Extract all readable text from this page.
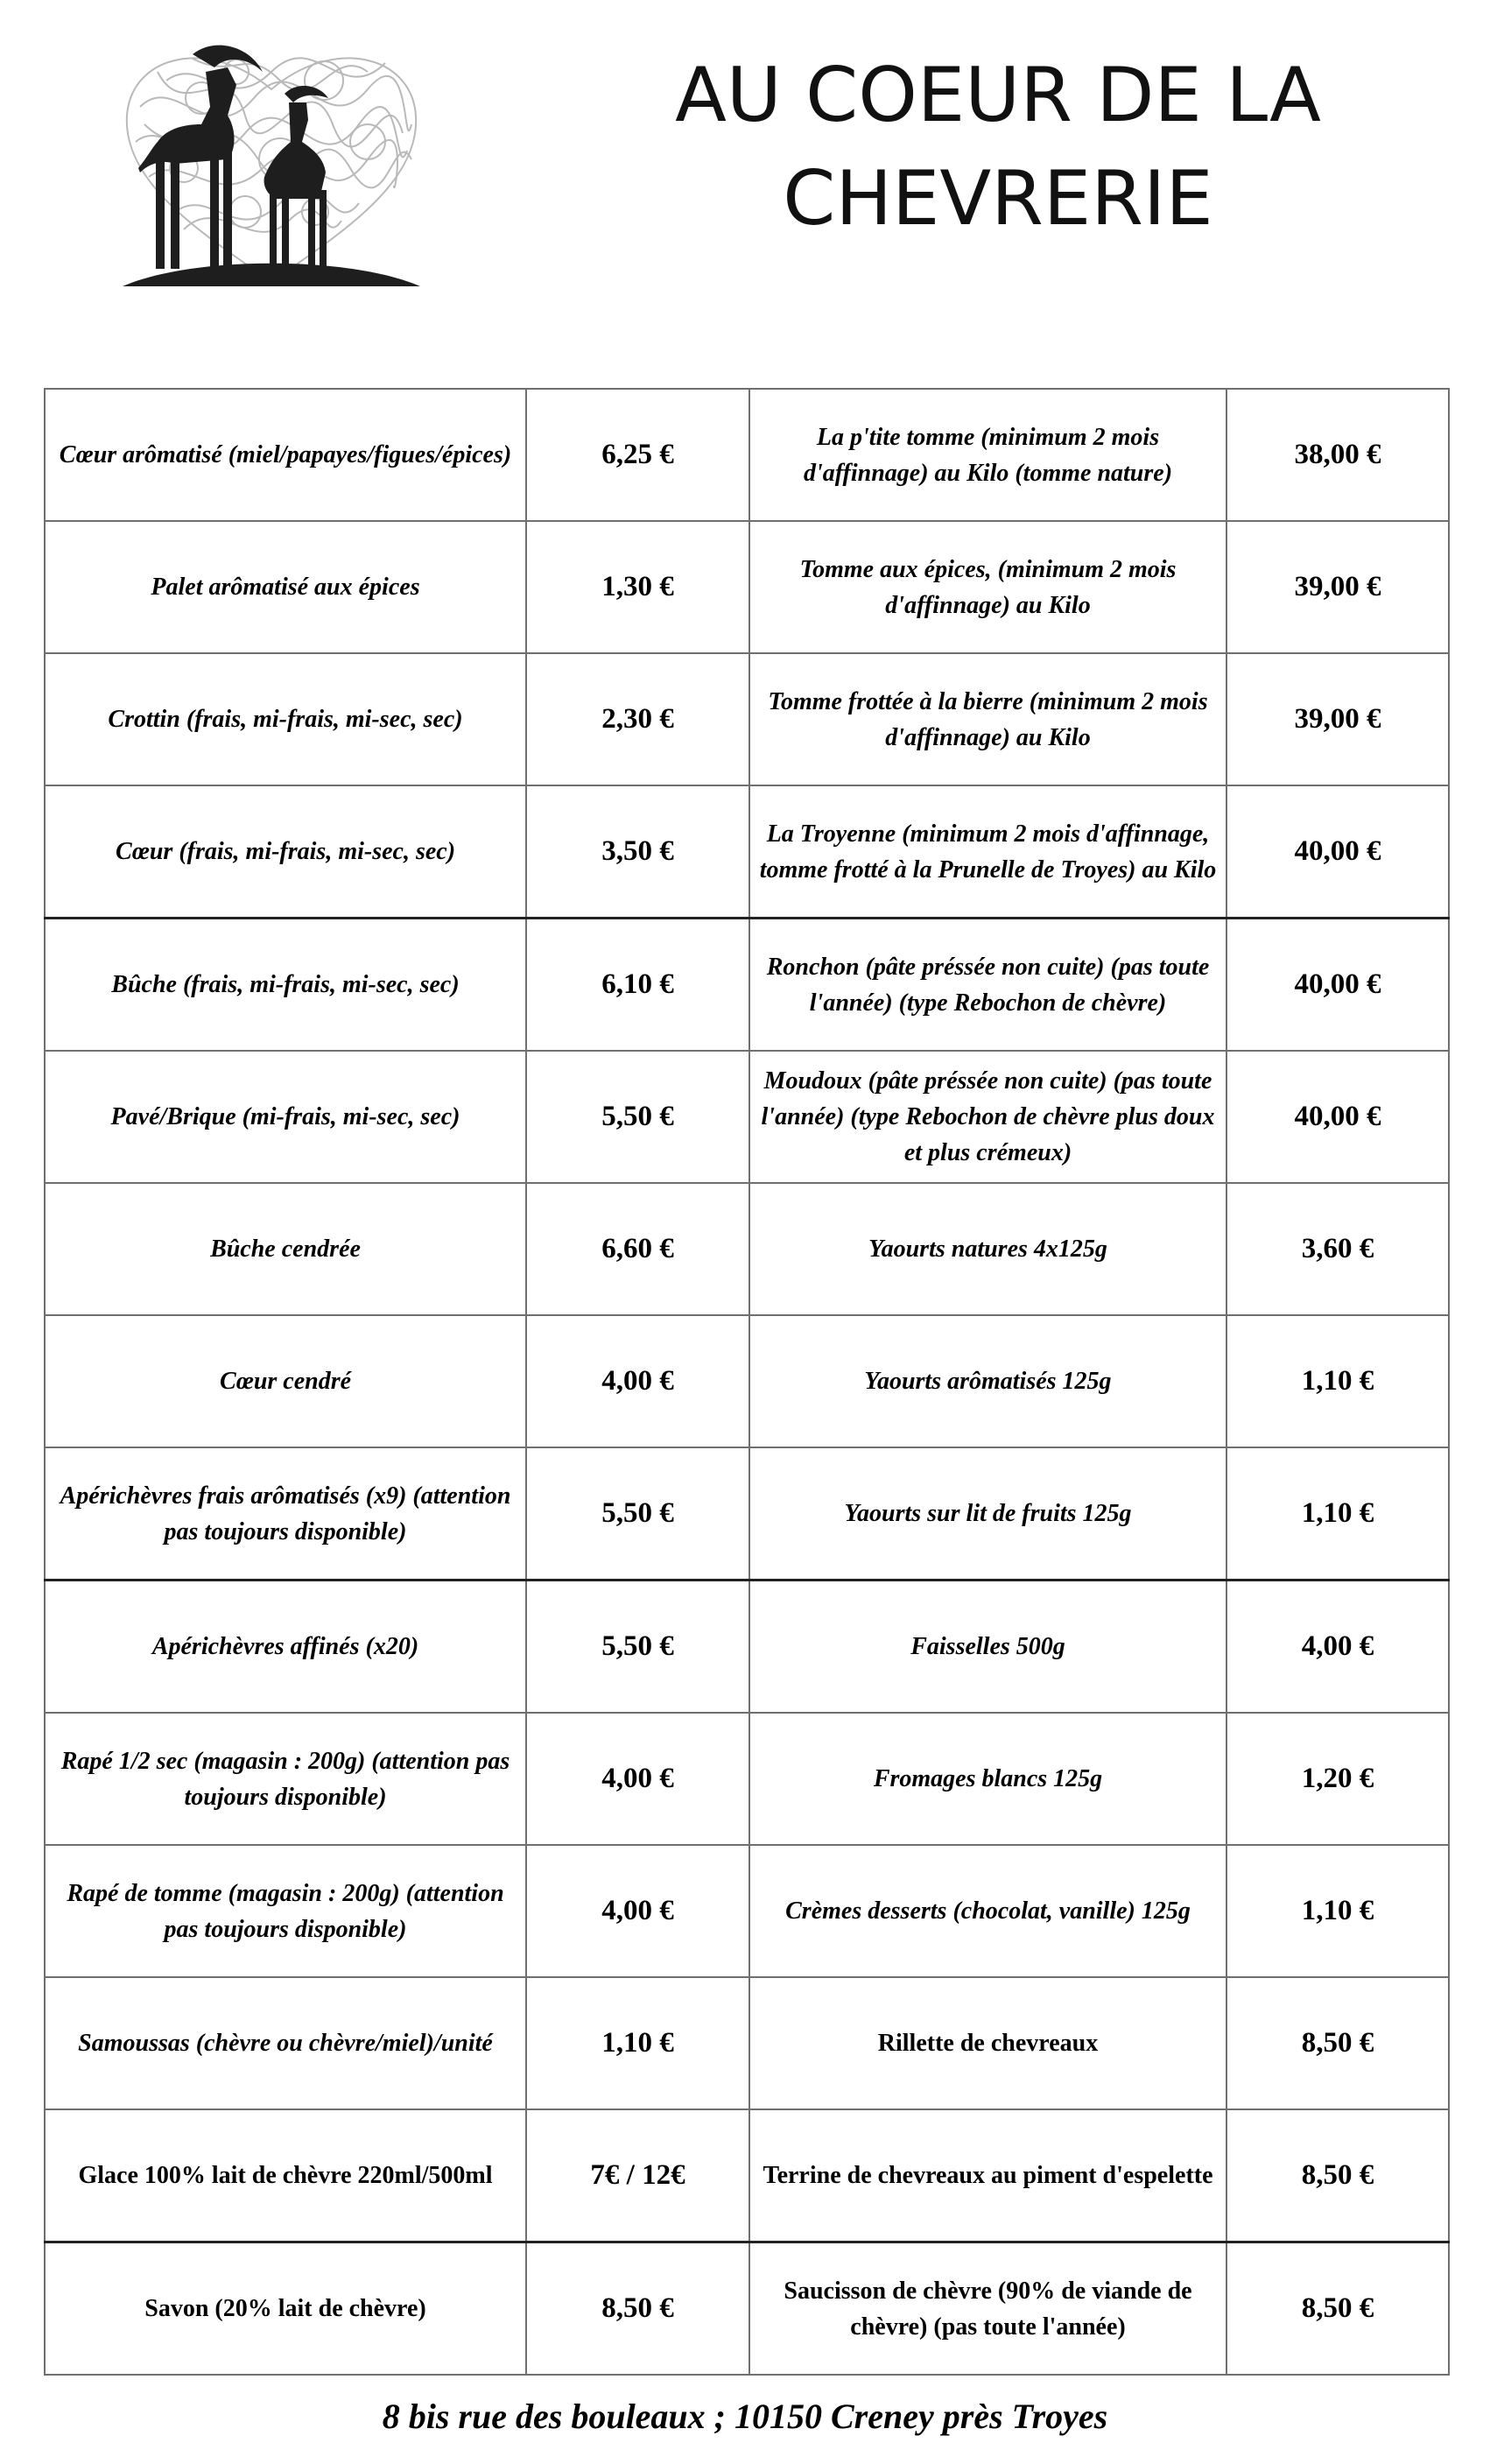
AU COEUR DE LA
CHEVRERIE
Cœur arômatisé (miel/papayes/figues/épices)	6,25 €	La p'tite tomme (minimum 2 mois d'affinnage) au Kilo (tomme nature)	38,00 €
Palet arômatisé aux épices	1,30 €	Tomme aux épices, (minimum 2 mois d'affinnage) au Kilo	39,00 €
Crottin (frais, mi-frais, mi-sec, sec)	2,30 €	Tomme frottée à la bierre (minimum 2 mois d'affinnage) au Kilo	39,00 €
Cœur (frais, mi-frais, mi-sec, sec)	3,50 €	La Troyenne (minimum 2 mois d'affinnage, tomme frotté à la Prunelle de Troyes) au Kilo	40,00 €
Bûche (frais, mi-frais, mi-sec, sec)	6,10 €	Ronchon (pâte préssée non cuite) (pas toute l'année) (type Rebochon de chèvre)	40,00 €
Pavé/Brique (mi-frais, mi-sec, sec)	5,50 €	Moudoux (pâte préssée non cuite) (pas toute l'année) (type Rebochon de chèvre plus doux et plus crémeux)	40,00 €
Bûche cendrée	6,60 €	Yaourts natures 4x125g	3,60 €
Cœur cendré	4,00 €	Yaourts arômatisés 125g	1,10 €
Apérichèvres frais arômatisés (x9) (attention pas toujours disponible)	5,50 €	Yaourts sur lit de fruits 125g	1,10 €
Apérichèvres affinés (x20)	5,50 €	Faisselles 500g	4,00 €
Rapé 1/2 sec (magasin : 200g) (attention pas toujours disponible)	4,00 €	Fromages blancs 125g	1,20 €
Rapé de tomme (magasin : 200g) (attention pas toujours disponible)	4,00 €	Crèmes desserts (chocolat, vanille) 125g	1,10 €
Samoussas (chèvre ou chèvre/miel)/unité	1,10 €	Rillette de chevreaux	8,50 €
Glace 100% lait de chèvre 220ml/500ml	7€ / 12€	Terrine de chevreaux au piment d'espelette	8,50 €
Savon (20% lait de chèvre)	8,50 €	Saucisson de chèvre (90% de viande de chèvre) (pas toute l'année)	8,50 €
8 bis rue des bouleaux ; 10150 Creney près Troyes
